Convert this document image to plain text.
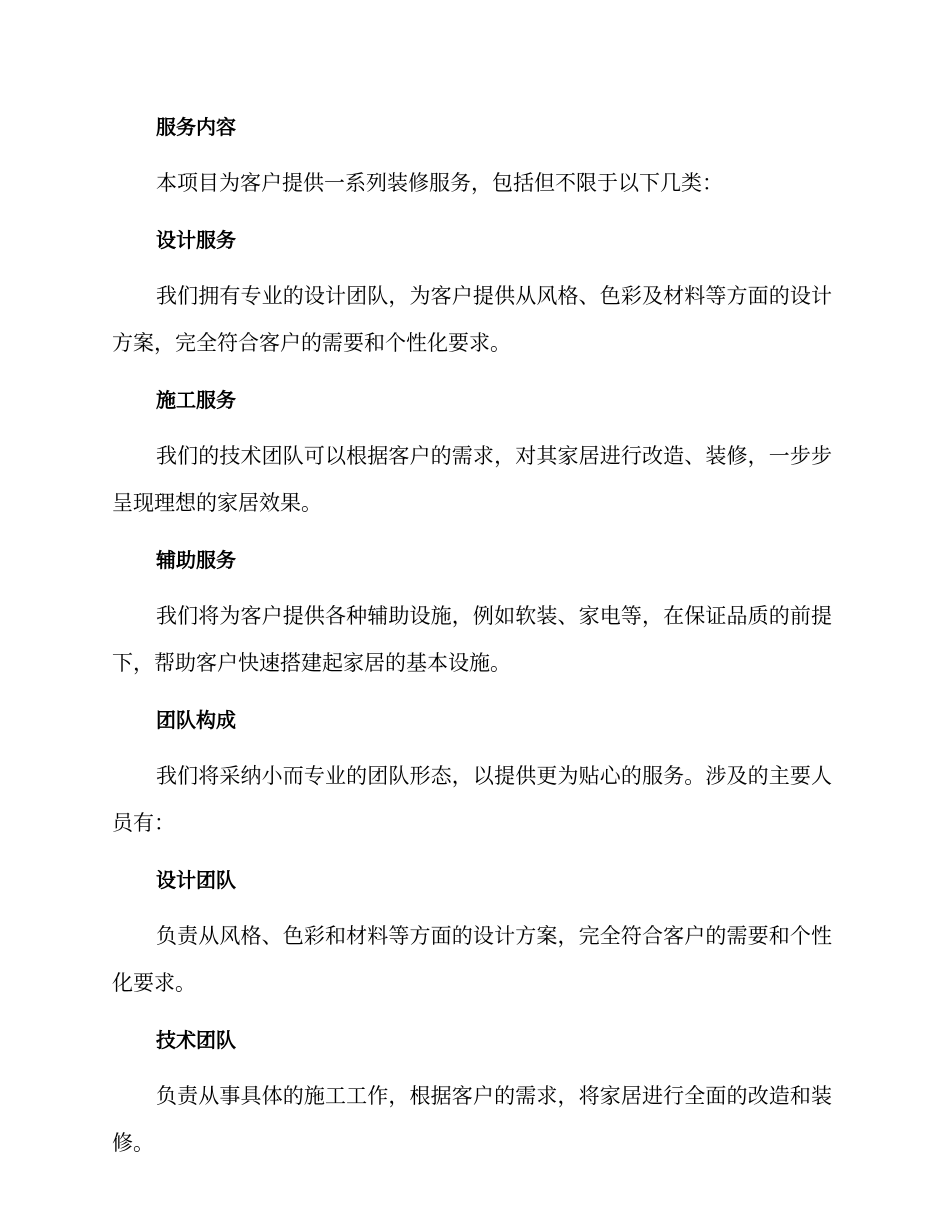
服务内容

本项目为客户提供一系列装修服务，包括但不限于以下几类：

设计服务

我们拥有专业的设计团队，为客户提供从风格、色彩及材料等方面的设计方案，完全符合客户的需要和个性化要求。

施工服务

我们的技术团队可以根据客户的需求，对其家居进行改造、装修，一步步呈现理想的家居效果。

辅助服务

我们将为客户提供各种辅助设施，例如软装、家电等，在保证品质的前提下，帮助客户快速搭建起家居的基本设施。

团队构成

我们将采纳小而专业的团队形态，以提供更为贴心的服务。涉及的主要人员有：

设计团队

负责从风格、色彩和材料等方面的设计方案，完全符合客户的需要和个性化要求。

技术团队

负责从事具体的施工工作，根据客户的需求，将家居进行全面的改造和装修。
